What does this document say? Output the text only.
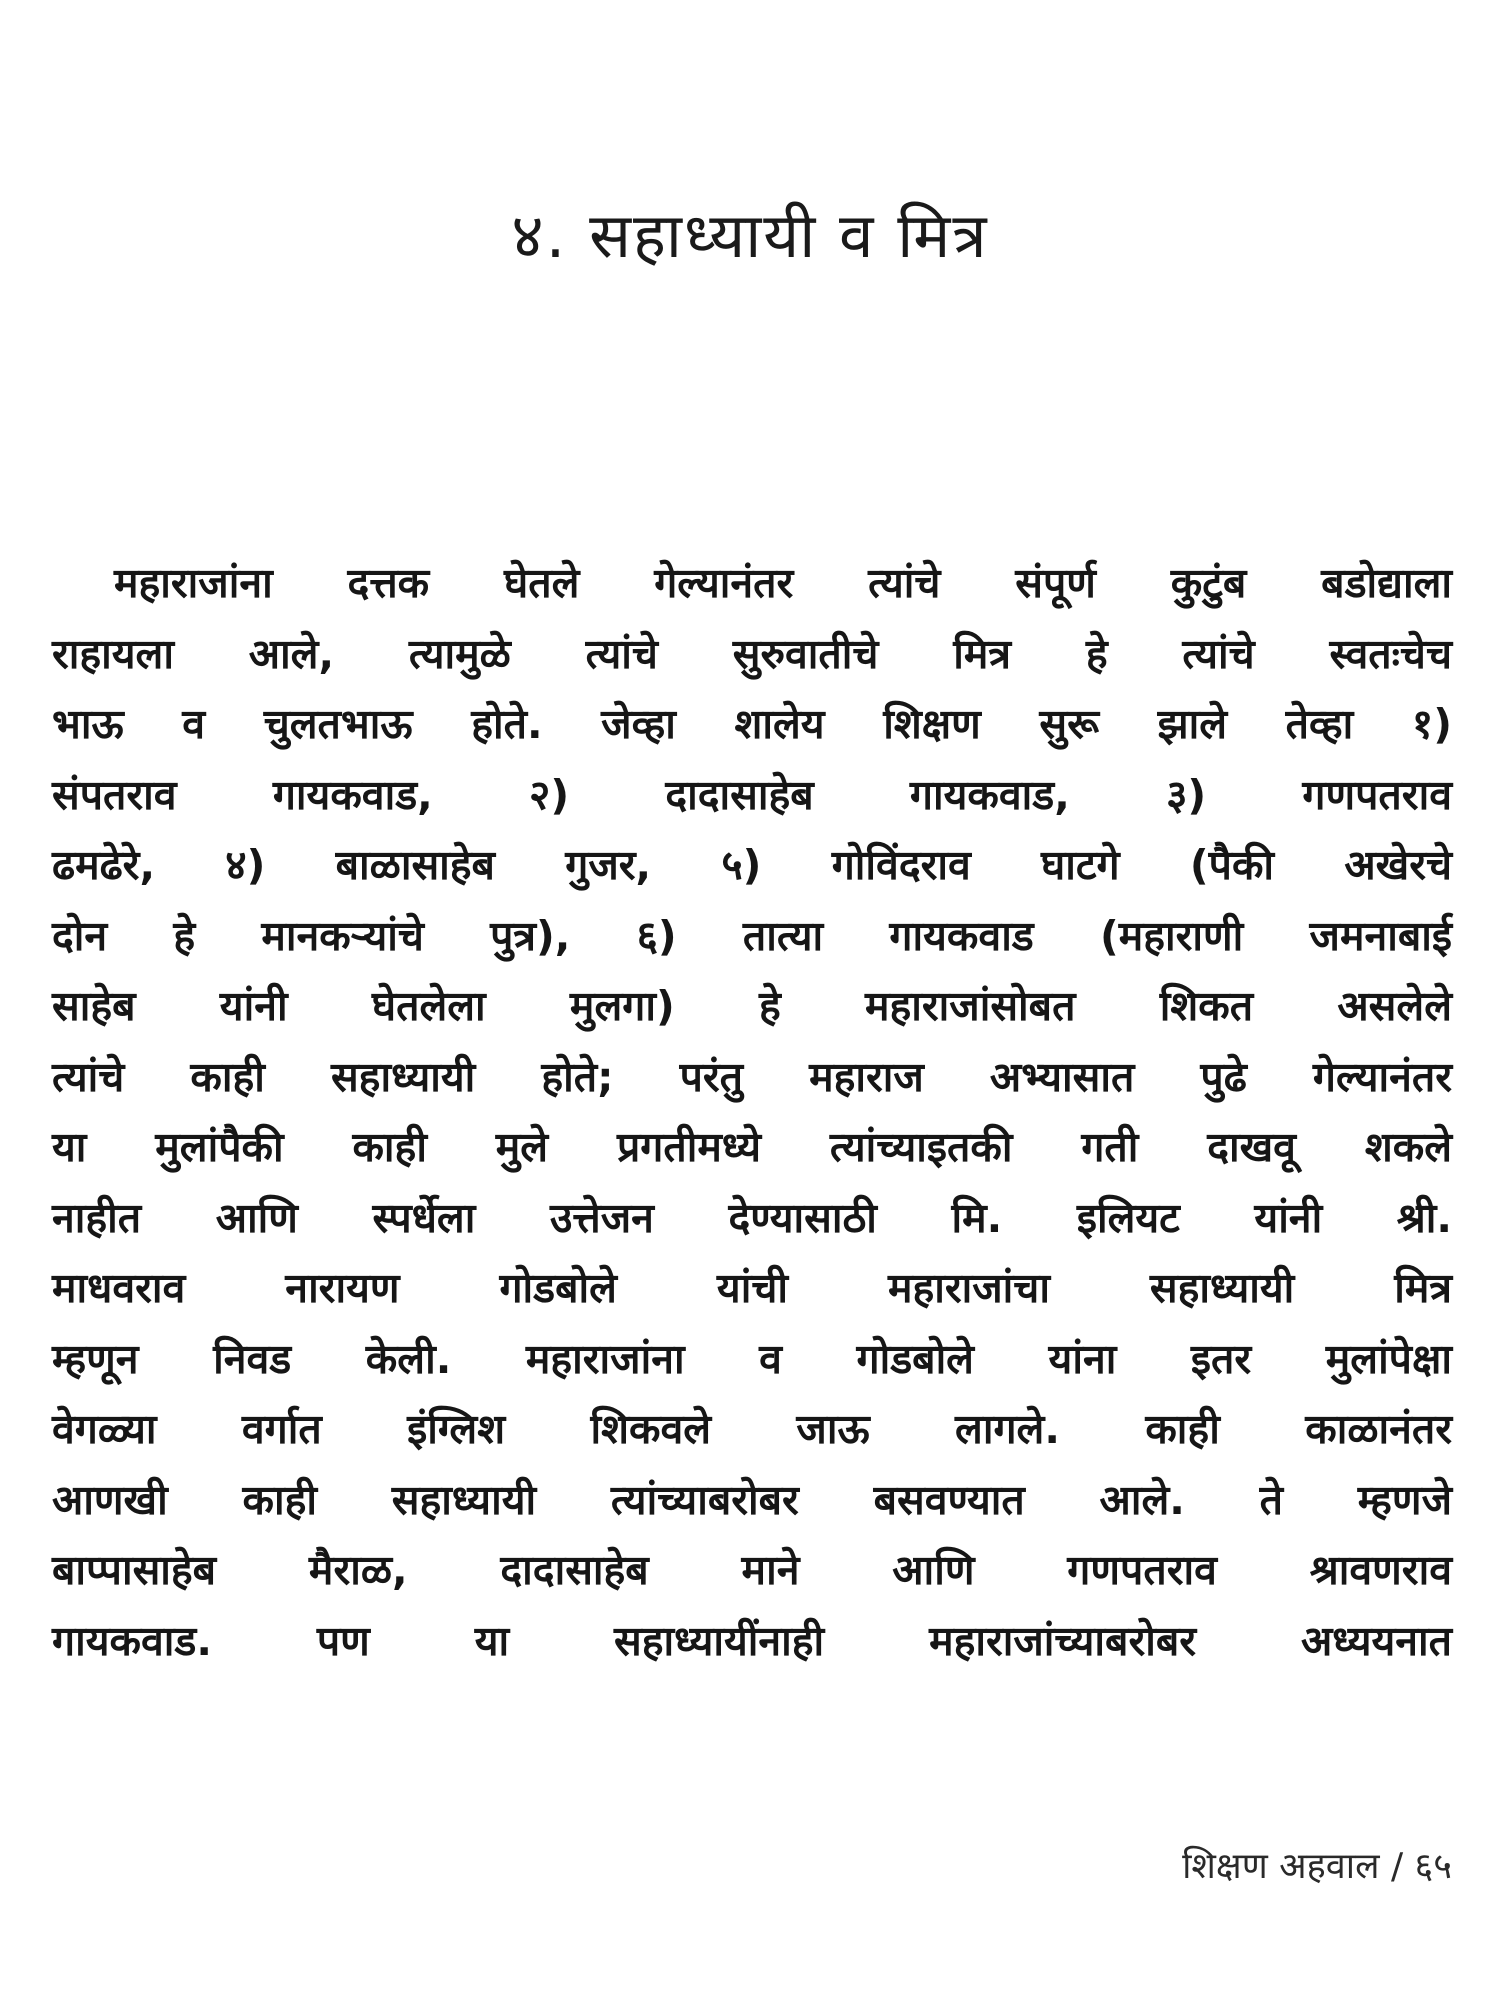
४. सहाध्यायी व मित्र
महाराजांना दत्तक घेतले गेल्यानंतर त्यांचे संपूर्ण कुटुंब बडोद्याला
राहायला आले, त्यामुळे त्यांचे सुरुवातीचे मित्र हे त्यांचे स्वतःचेच
भाऊ व चुलतभाऊ होते. जेव्हा शालेय शिक्षण सुरू झाले तेव्हा १)
संपतराव गायकवाड, २) दादासाहेब गायकवाड, ३) गणपतराव
ढमढेरे, ४) बाळासाहेब गुजर, ५) गोविंदराव घाटगे (पैकी अखेरचे
दोन हे मानकऱ्यांचे पुत्र), ६) तात्या गायकवाड (महाराणी जमनाबाई
साहेब यांनी घेतलेला मुलगा) हे महाराजांसोबत शिकत असलेले
त्यांचे काही सहाध्यायी होते; परंतु महाराज अभ्यासात पुढे गेल्यानंतर
या मुलांपैकी काही मुले प्रगतीमध्ये त्यांच्याइतकी गती दाखवू शकले
नाहीत आणि स्पर्धेला उत्तेजन देण्यासाठी मि. इलियट यांनी श्री.
माधवराव नारायण गोडबोले यांची महाराजांचा सहाध्यायी मित्र
म्हणून निवड केली. महाराजांना व गोडबोले यांना इतर मुलांपेक्षा
वेगळ्या वर्गात इंग्लिश शिकवले जाऊ लागले. काही काळानंतर
आणखी काही सहाध्यायी त्यांच्याबरोबर बसवण्यात आले. ते म्हणजे
बाप्पासाहेब मैराळ, दादासाहेब माने आणि गणपतराव श्रावणराव
गायकवाड. पण या सहाध्यायींनाही महाराजांच्याबरोबर अध्ययनात
शिक्षण अहवाल / ६५
